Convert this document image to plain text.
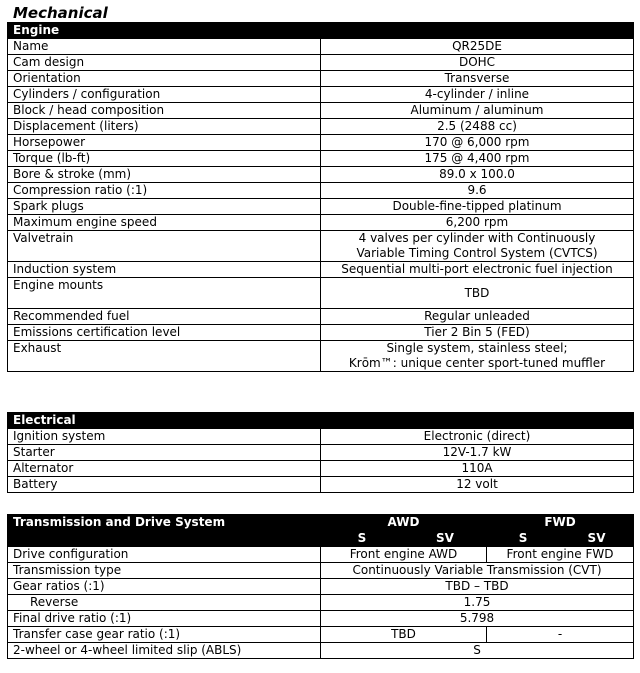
Mechanical
Engine	
Name	QR25DE
Cam design	DOHC
Orientation	Transverse
Cylinders / configuration	4-cylinder / inline
Block / head composition	Aluminum / aluminum
Displacement (liters)	2.5 (2488 cc)
Horsepower	170 @ 6,000 rpm
Torque (lb-ft)	175 @ 4,400 rpm
Bore & stroke (mm)	89.0 x 100.0
Compression ratio (:1)	9.6
Spark plugs	Double-fine-tipped platinum
Maximum engine speed	6,200 rpm
Valvetrain	4 valves per cylinder with Continuously
Variable Timing Control System (CVTCS)

Induction system	Sequential multi-port electronic fuel injection
Engine mounts	TBD
Recommended fuel	Regular unleaded
Emissions certification level	Tier 2 Bin 5 (FED)
Exhaust	Single system, stainless steel;
Krōm™: unique center sport-tuned muffler
Electrical	
Ignition system	Electronic (direct)
Starter	12V-1.7 kW
Alternator	110A
Battery	12 volt
Transmission and Drive System	AWD		FWD	
	S	SV	S	SV
Drive configuration	Front engine AWD		Front engine FWD	
Transmission type	Continuously Variable Transmission (CVT)			
Gear ratios (:1)	TBD – TBD			
Reverse	1.75			
Final drive ratio (:1)	5.798			
Transfer case gear ratio (:1)	TBD		-	
2-wheel or 4-wheel limited slip (ABLS)	S			
